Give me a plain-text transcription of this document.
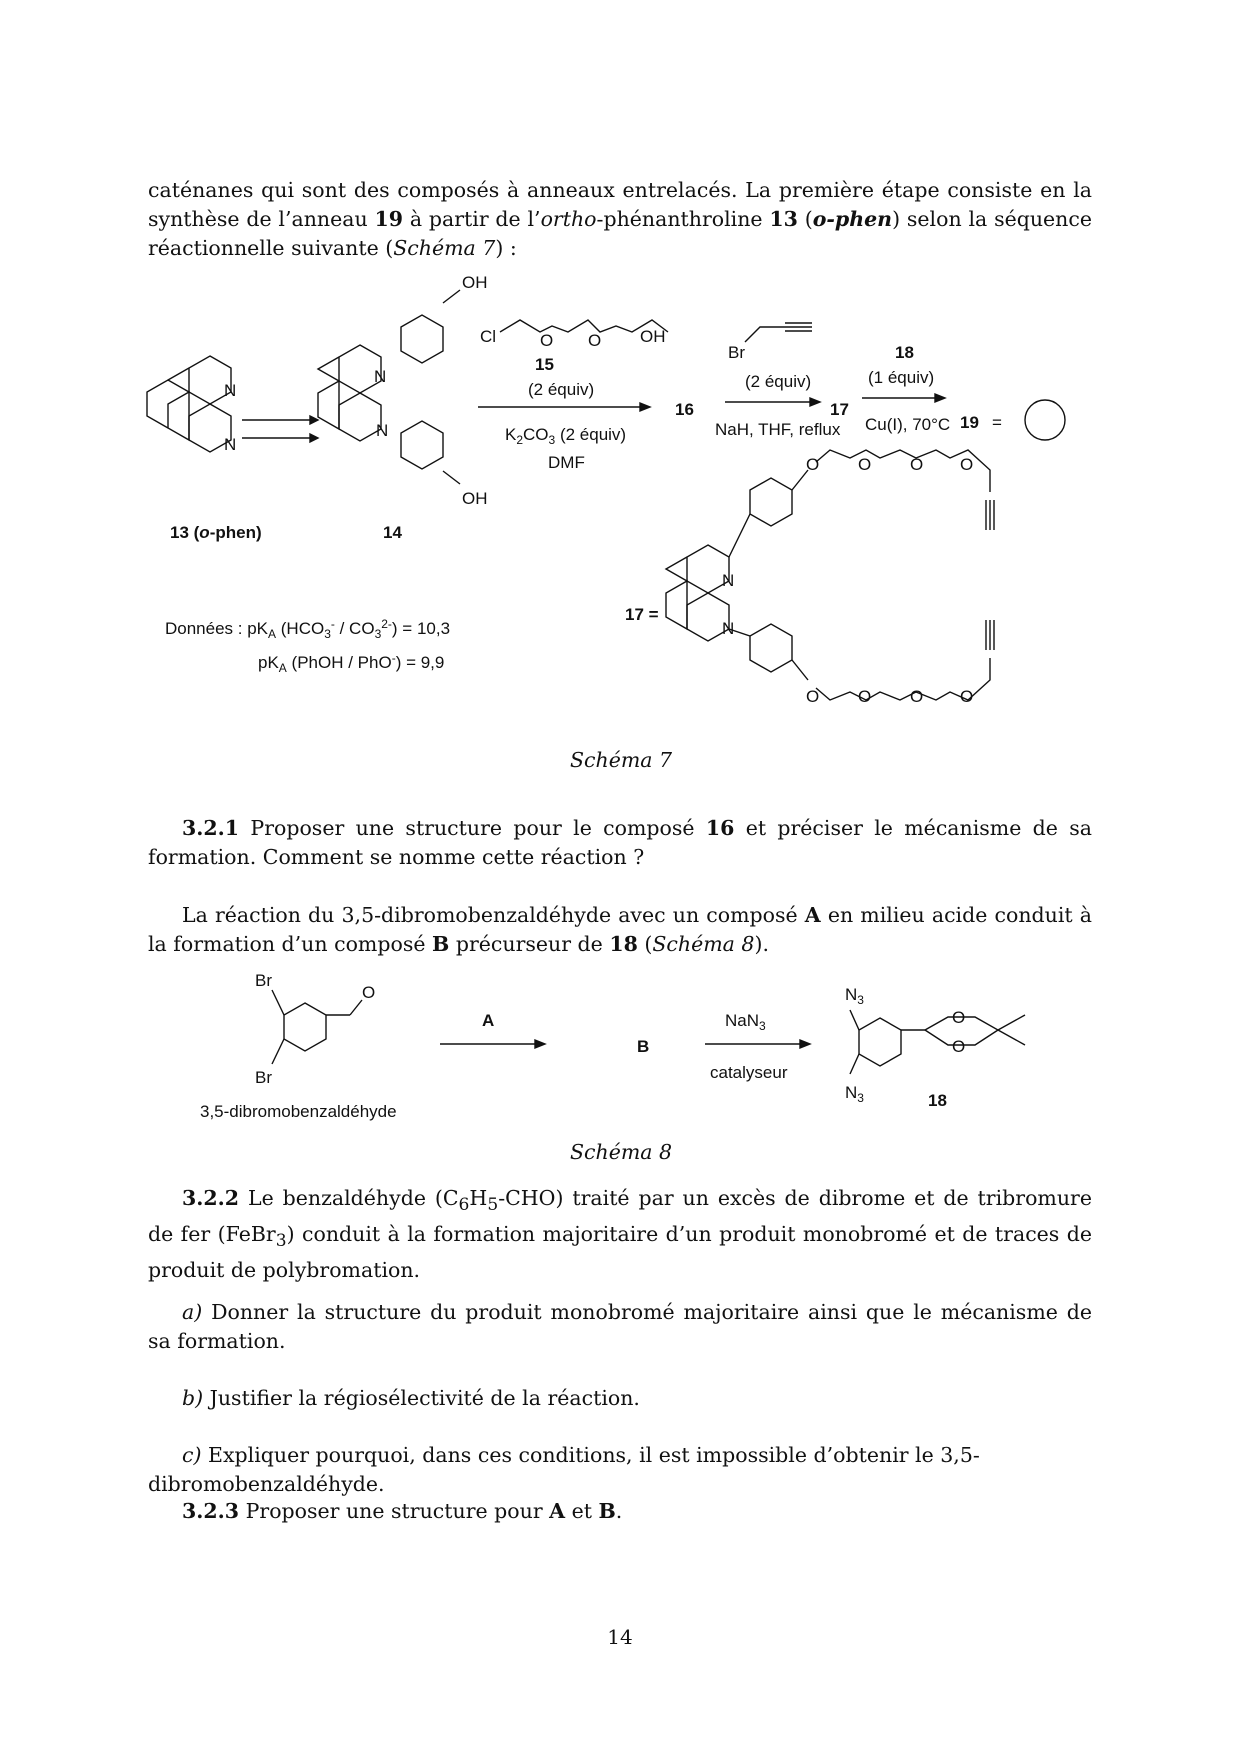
caténanes qui sont des composés à anneaux entrelacés. La première étape consiste en la synthèse de l’anneau 19 à partir de l’ortho-phénanthroline 13 (o-phen) selon la séquence réactionnelle suivante (Schéma 7) :

N
N
OH
OH
N
N
Cl	O O OH
15
(2 équiv)
$K_2CO_3$ (2 équiv)
DMF
16
Br
(2 équiv)
NaH, THF, reflux
17
18
(1 équiv)
Cu(I), 70°C 19 =
13 (o-phen)	14
O O O O
O O O O
N
N
17 =
Données : $pK_A$ $(HCO_3^- / CO_3^{2-}) = 10,3$
$pK_A$ (PhOH / PhO-) = 9,9
Schéma 7

3.2.1 Proposer une structure pour le composé 16 et préciser le mécanisme de sa formation. Comment se nomme cette réaction ?

La réaction du 3,5-dibromobenzaldéhyde avec un composé A en milieu acide conduit à la formation d’un composé B précurseur de 18 (Schéma 8).

Br
Br
O
3,5-dibromobenzaldéhyde
A
B
NaN$_3$
catalyseur
$N_3$
$N_3$
O
O
18
Schéma 8

3.2.2 Le benzaldéhyde $(C_6H_5-CHO)$ traité par un excès de dibrome et de tribromure de fer (FeBr$_3$) conduit à la formation majoritaire d’un produit monobromé et de traces de produit de polybromation.

a) Donner la structure du produit monobromé majoritaire ainsi que le mécanisme de sa formation.

b) Justifier la régiosélectivité de la réaction.

c) Expliquer pourquoi, dans ces conditions, il est impossible d’obtenir le 3,5-dibromobenzaldéhyde.

3.2.3 Proposer une structure pour A et B.

14
